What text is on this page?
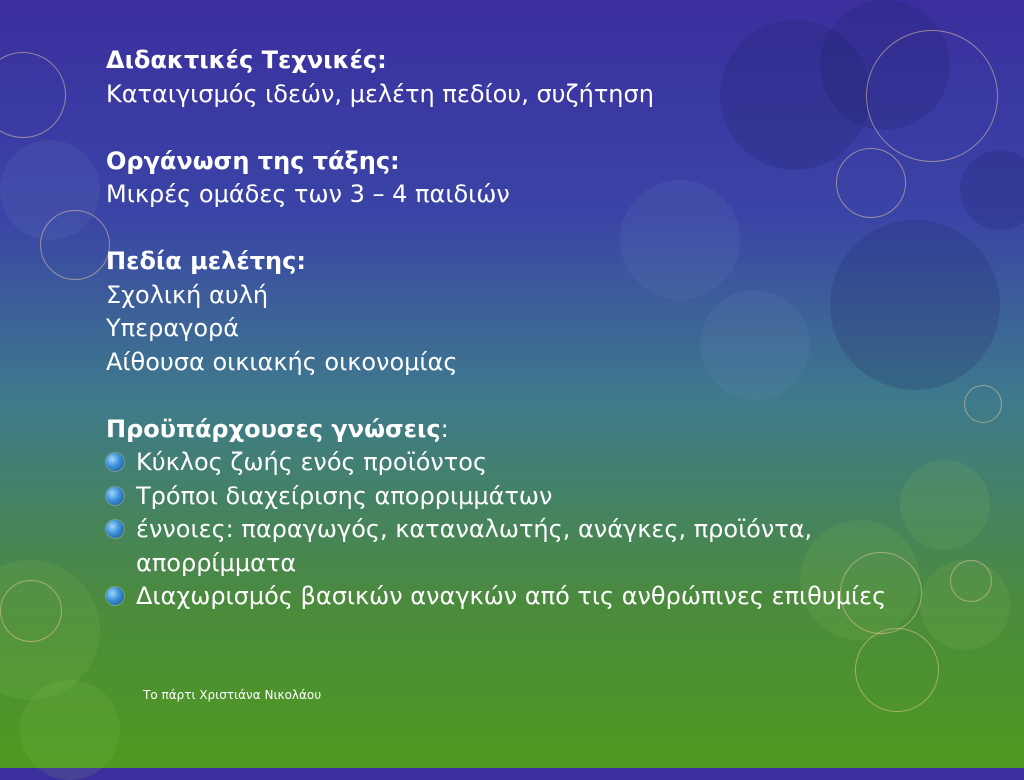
Διδακτικές Τεχνικές:
Καταιγισμός ιδεών, μελέτη πεδίου, συζήτηση
Οργάνωση της τάξης:
Μικρές ομάδες των 3 – 4 παιδιών
Πεδία μελέτης:
Σχολική αυλή
Υπεραγορά
Αίθουσα οικιακής οικονομίας
Προϋπάρχουσες γνώσεις:
Κύκλος ζωής ενός προϊόντος
Τρόποι διαχείρισης απορριμμάτων
έννοιες: παραγωγός, καταναλωτής, ανάγκες, προϊόντα, απορρίμματα
Διαχωρισμός βασικών αναγκών από τις ανθρώπινες επιθυμίες
Το πάρτι Χριστιάνα Νικολάου
